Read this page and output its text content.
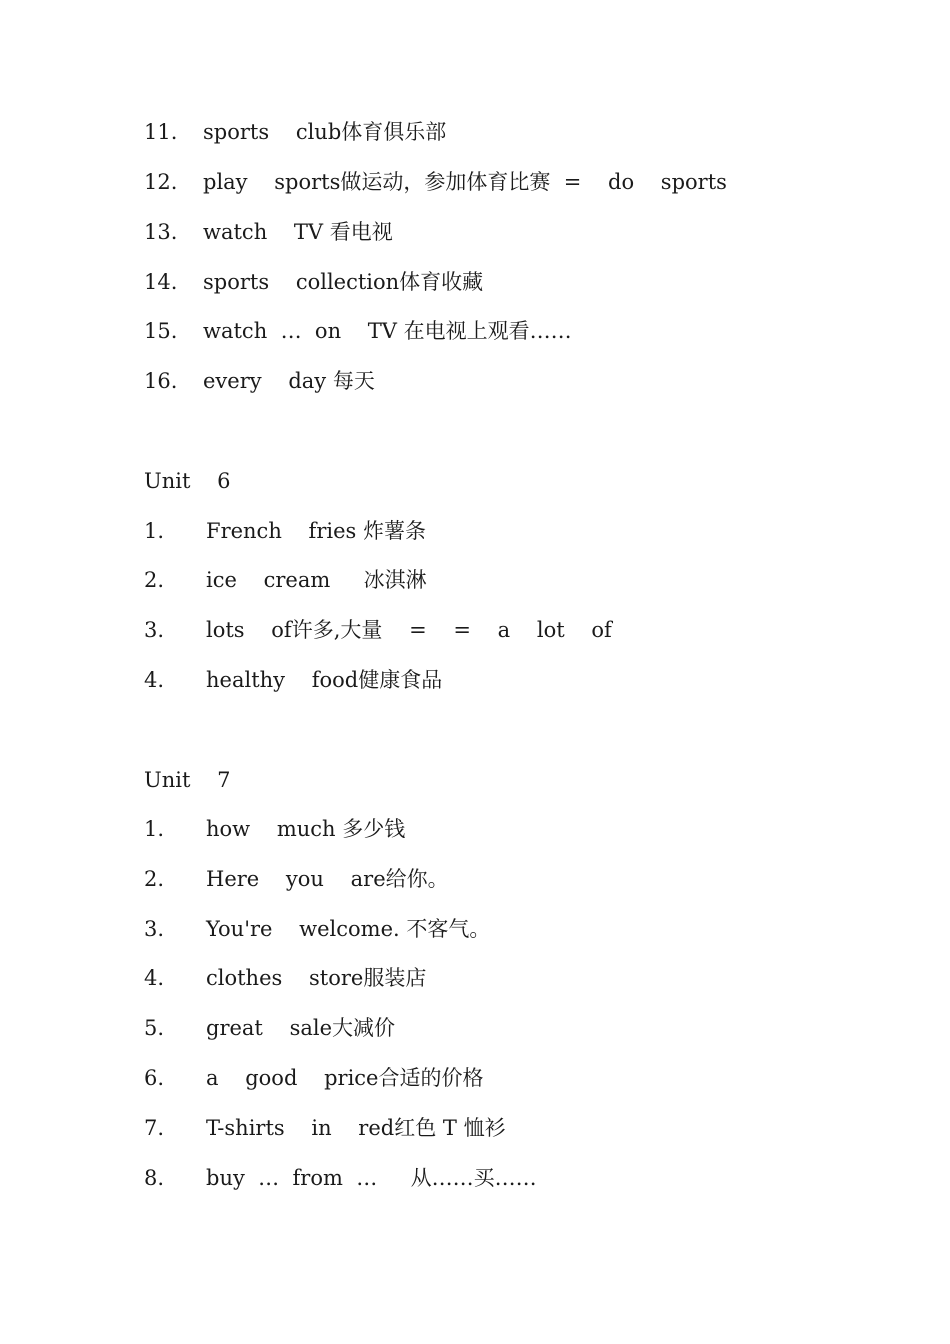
11.

sports    club体育俱乐部

12.

play    sports做运动，参加体育比赛  =    do    sports

13.

watch    TV 看电视

14.

sports    collection体育收藏

15.

watch  …  on    TV 在电视上观看……

16.

every    day 每天

Unit    6

1.

French    fries 炸薯条

2.

ice    cream     冰淇淋

3.

lots    of许多,大量    =    =    a    lot    of

4.

healthy    food健康食品

Unit    7

1.

how    much 多少钱

2.

Here    you    are给你。

3.

You're    welcome. 不客气。

4.

clothes    store服装店

5.

great    sale大减价

6.

a    good    price合适的价格

7.

T-shirts    in    red红色 T 恤衫

8.

buy  …  from  …     从……买……
